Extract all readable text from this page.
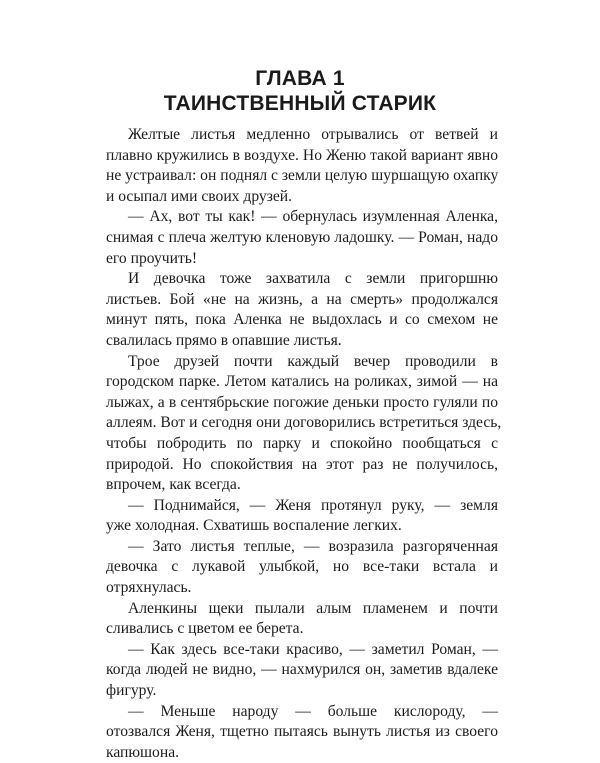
ГЛАВА 1
ТАИНСТВЕННЫЙ СТАРИК
Желтые листья медленно отрывались от ветвей и
плавно кружились в воздухе. Но Женю такой вариант явно
не устраивал: он поднял с земли целую шуршащую охапку
и осыпал ими своих друзей.
— Ах, вот ты как! — обернулась изумленная Аленка,
снимая с плеча желтую кленовую ладошку. — Роман, надо
его проучить!
И девочка тоже захватила с земли пригоршню
листьев. Бой «не на жизнь, а на смерть» продолжался
минут пять, пока Аленка не выдохлась и со смехом не
свалилась прямо в опавшие листья.
Трое друзей почти каждый вечер проводили в
городском парке. Летом катались на роликах, зимой — на
лыжах, а в сентябрьские погожие деньки просто гуляли по
аллеям. Вот и сегодня они договорились встретиться здесь,
чтобы побродить по парку и спокойно пообщаться с
природой. Но спокойствия на этот раз не получилось,
впрочем, как всегда.
— Поднимайся, — Женя протянул руку, — земля
уже холодная. Схватишь воспаление легких.
— Зато листья теплые, — возразила разгоряченная
девочка с лукавой улыбкой, но все-таки встала и
отряхнулась.
Аленкины щеки пылали алым пламенем и почти
сливались с цветом ее берета.
— Как здесь все-таки красиво, — заметил Роман, —
когда людей не видно, — нахмурился он, заметив вдалеке
фигуру.
— Меньше народу — больше кислороду, —
отозвался Женя, тщетно пытаясь вынуть листья из своего
капюшона.
